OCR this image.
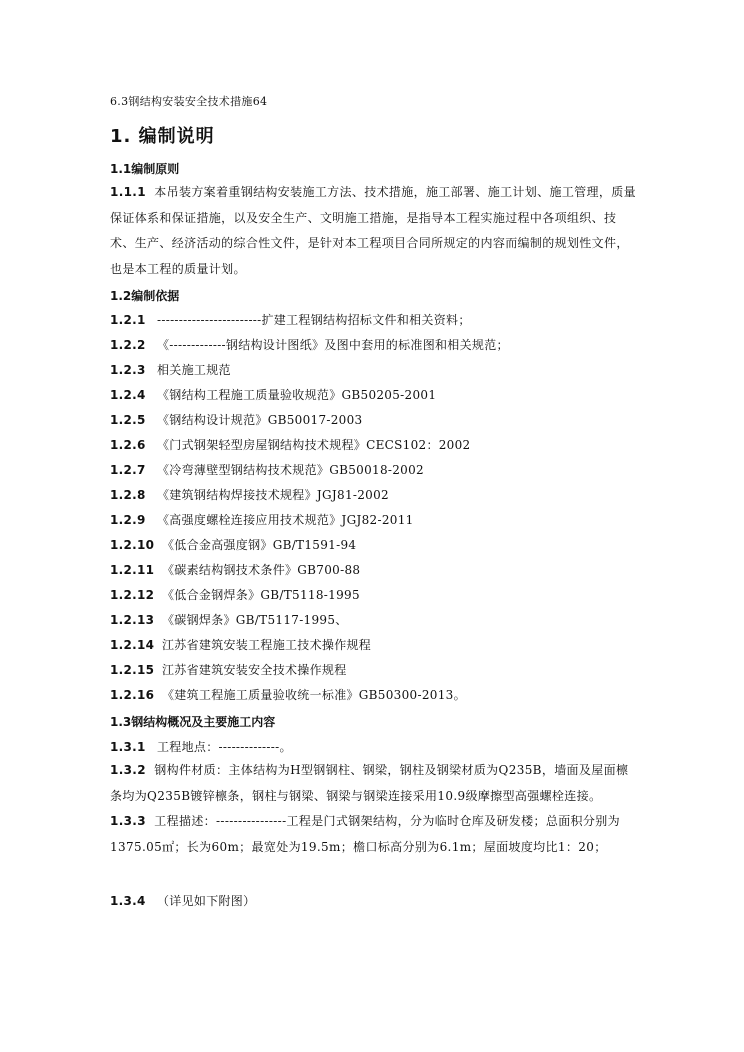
6.3钢结构安装安全技术措施64
1. 编制说明
1.1编制原则
1.1.1 本吊装方案着重钢结构安装施工方法、技术措施，施工部署、施工计划、施工管理，质量保证体系和保证措施，以及安全生产、文明施工措施，是指导本工程实施过程中各项组织、技术、生产、经济活动的综合性文件，是针对本工程项目合同所规定的内容而编制的规划性文件，也是本工程的质量计划。
1.2编制依据
1.2.1 ------------------------扩建工程钢结构招标文件和相关资料；
1.2.2 《-------------钢结构设计图纸》及图中套用的标准图和相关规范；
1.2.3 相关施工规范
1.2.4 《钢结构工程施工质量验收规范》GB50205-2001
1.2.5 《钢结构设计规范》GB50017-2003
1.2.6 《门式钢架轻型房屋钢结构技术规程》CECS102：2002
1.2.7 《冷弯薄壁型钢结构技术规范》GB50018-2002
1.2.8 《建筑钢结构焊接技术规程》JGJ81-2002
1.2.9 《高强度螺栓连接应用技术规范》JGJ82-2011
1.2.10 《低合金高强度钢》GB/T1591-94
1.2.11 《碳素结构钢技术条件》GB700-88
1.2.12 《低合金钢焊条》GB/T5118-1995
1.2.13 《碳钢焊条》GB/T5117-1995、
1.2.14 江苏省建筑安装工程施工技术操作规程
1.2.15 江苏省建筑安装安全技术操作规程
1.2.16 《建筑工程施工质量验收统一标准》GB50300-2013。
1.3钢结构概况及主要施工内容
1.3.1 工程地点：--------------。
1.3.2 钢构件材质：主体结构为H型钢钢柱、钢梁，钢柱及钢梁材质为Q235B，墙面及屋面檩条均为Q235B镀锌檩条，钢柱与钢梁、钢梁与钢梁连接采用10.9级摩擦型高强螺栓连接。
1.3.3 工程描述：----------------工程是门式钢架结构，分为临时仓库及研发楼；总面积分别为1375.05㎡；长为60m；最宽处为19.5m；檐口标高分别为6.1m；屋面坡度均比1：20；
1.3.4 （详见如下附图）
